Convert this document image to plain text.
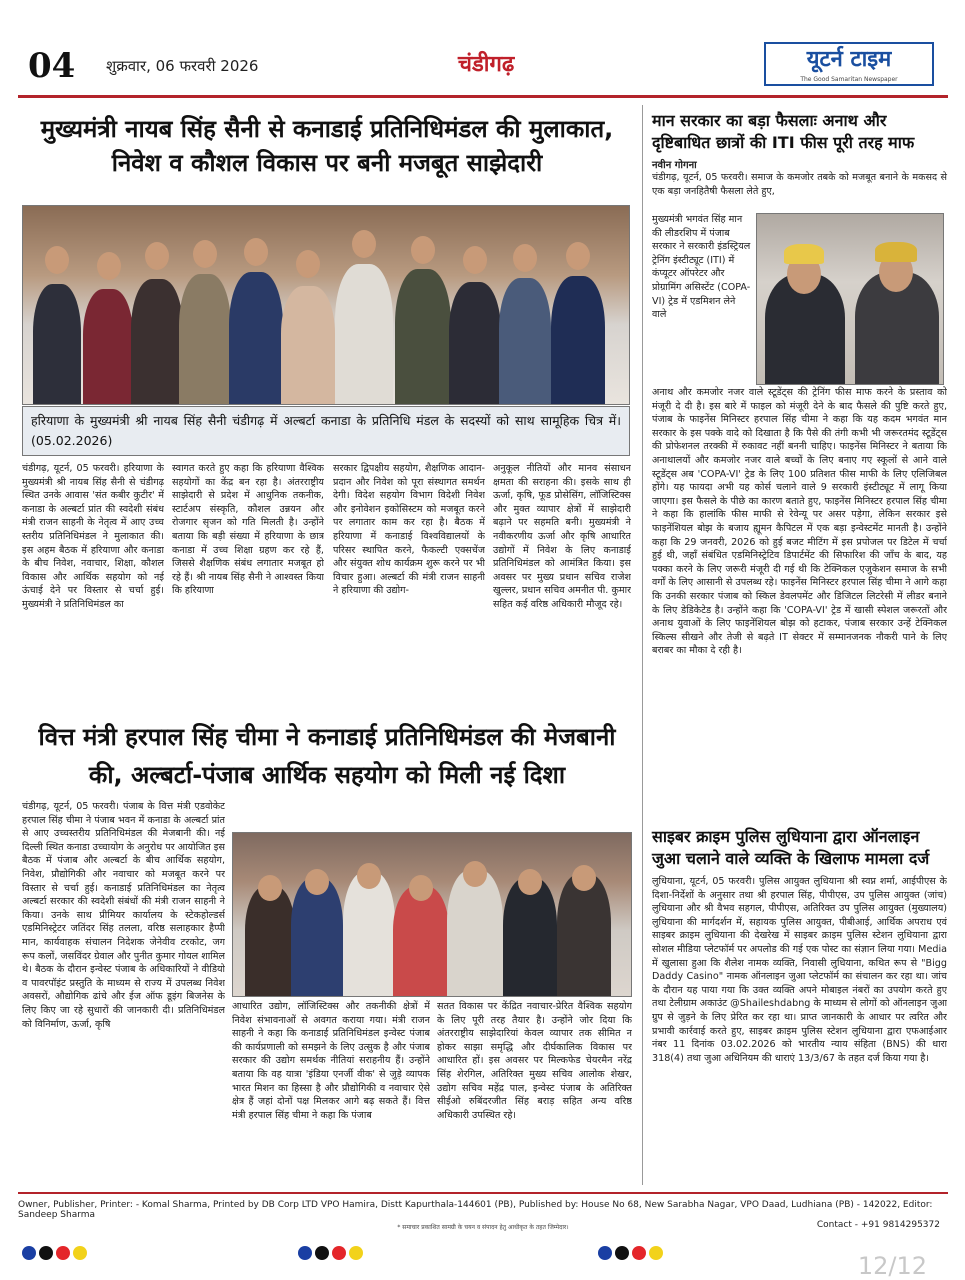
04 शुक्रवार, 06 फरवरी 2026	चंडीगढ़	यूटर्न टाइम
The Good Samaritan Newspaper
मुख्यमंत्री नायब सिंह सैनी से कनाडाई प्रतिनिधिमंडल की मुलाकात, निवेश व कौशल विकास पर बनी मजबूत साझेदारी
हरियाणा के मुख्यमंत्री श्री नायब सिंह सैनी चंडीगढ़ में अल्बर्टा कनाडा के प्रतिनिधि मंडल के सदस्यों को साथ सामूहिक चित्र में। (05.02.2026)
चंडीगढ़, यूटर्न, 05 फरवरी। हरियाणा के मुख्यमंत्री श्री नायब सिंह सैनी से चंडीगढ़ स्थित उनके आवास 'संत कबीर कुटीर' में कनाडा के अल्बर्टा प्रांत की स्वदेशी संबंध मंत्री राजन साहनी के नेतृत्व में आए उच्च स्तरीय प्रतिनिधिमंडल ने मुलाकात की। इस अहम बैठक में हरियाणा और कनाडा के बीच निवेश, नवाचार, शिक्षा, कौशल विकास और आर्थिक सहयोग को नई ऊंचाई देने पर विस्तार से चर्चा हुई। मुख्यमंत्री ने प्रतिनिधिमंडल का
स्वागत करते हुए कहा कि हरियाणा वैश्विक सहयोगों का केंद्र बन रहा है। अंतरराष्ट्रीय साझेदारी से प्रदेश में आधुनिक तकनीक, स्टार्टअप संस्कृति, कौशल उन्नयन और रोजगार सृजन को गति मिलती है। उन्होंने बताया कि बड़ी संख्या में हरियाणा के छात्र कनाडा में उच्च शिक्षा ग्रहण कर रहे हैं, जिससे शैक्षणिक संबंध लगातार मजबूत हो रहे हैं। श्री नायब सिंह सैनी ने आश्वस्त किया कि हरियाणा
सरकार द्विपक्षीय सहयोग, शैक्षणिक आदान-प्रदान और निवेश को पूरा संस्थागत समर्थन देगी। विदेश सहयोग विभाग विदेशी निवेश और इनोवेशन इकोसिस्टम को मजबूत करने पर लगातार काम कर रहा है। बैठक में हरियाणा में कनाडाई विश्वविद्यालयों के परिसर स्थापित करने, फैकल्टी एक्सचेंज और संयुक्त शोध कार्यक्रम शुरू करने पर भी विचार हुआ। अल्बर्टा की मंत्री राजन साहनी ने हरियाणा की उद्योग-
अनुकूल नीतियों और मानव संसाधन क्षमता की सराहना की। इसके साथ ही ऊर्जा, कृषि, फूड प्रोसेसिंग, लॉजिस्टिक्स और मुक्त व्यापार क्षेत्रों में साझेदारी बढ़ाने पर सहमति बनी। मुख्यमंत्री ने नवीकरणीय ऊर्जा और कृषि आधारित उद्योगों में निवेश के लिए कनाडाई प्रतिनिधिमंडल को आमंत्रित किया। इस अवसर पर मुख्य प्रधान सचिव राजेश खुल्लर, प्रधान सचिव अमनीत पी. कुमार सहित कई वरिष्ठ अधिकारी मौजूद रहे।
वित्त मंत्री हरपाल सिंह चीमा ने कनाडाई प्रतिनिधिमंडल की मेजबानी की, अल्बर्टा-पंजाब आर्थिक सहयोग को मिली नई दिशा
चंडीगढ़, यूटर्न, 05 फरवरी। पंजाब के वित्त मंत्री एडवोकेट हरपाल सिंह चीमा ने पंजाब भवन में कनाडा के अल्बर्टा प्रांत से आए उच्चस्तरीय प्रतिनिधिमंडल की मेजबानी की। नई दिल्ली स्थित कनाडा उच्चायोग के अनुरोध पर आयोजित इस बैठक में पंजाब और अल्बर्टा के बीच आर्थिक सहयोग, निवेश, प्रौद्योगिकी और नवाचार को मजबूत करने पर विस्तार से चर्चा हुई। कनाडाई प्रतिनिधिमंडल का नेतृत्व अल्बर्टा सरकार की स्वदेशी संबंधों की मंत्री राजन साहनी ने किया। उनके साथ प्रीमियर कार्यालय के स्टेकहोल्डर्स एडमिनिस्ट्रेटर जतिंदर सिंह तलला, वरिष्ठ सलाहकार हैप्पी मान, कार्यवाहक संचालन निदेशक जेनेवीव टरकोट, जग रूप कलों, जसविंदर ग्रेवाल और पुनीत कुमार गोयल शामिल थे। बैठक के दौरान इन्वेस्ट पंजाब के अधिकारियों ने वीडियो व पावरपॉइंट प्रस्तुति के माध्यम से राज्य में उपलब्ध निवेश अवसरों, औद्योगिक ढांचे और ईज ऑफ डूइंग बिजनेस के लिए किए जा रहे सुधारों की जानकारी दी। प्रतिनिधिमंडल को विनिर्माण, ऊर्जा, कृषि
आधारित उद्योग, लॉजिस्टिक्स और तकनीकी क्षेत्रों में निवेश संभावनाओं से अवगत कराया गया। मंत्री राजन साहनी ने कहा कि कनाडाई प्रतिनिधिमंडल इन्वेस्ट पंजाब की कार्यप्रणाली को समझने के लिए उत्सुक है और पंजाब सरकार की उद्योग समर्थक नीतियां सराहनीय हैं। उन्होंने बताया कि वह यात्रा 'इंडिया एनर्जी वीक' से जुड़े व्यापक भारत मिशन का हिस्सा है और प्रौद्योगिकी व नवाचार ऐसे क्षेत्र हैं जहां दोनों पक्ष मिलकर आगे बढ़ सकते हैं। वित्त मंत्री हरपाल सिंह चीमा ने कहा कि पंजाब
सतत विकास पर केंद्रित नवाचार-प्रेरित वैश्विक सहयोग के लिए पूरी तरह तैयार है। उन्होंने जोर दिया कि अंतरराष्ट्रीय साझेदारियां केवल व्यापार तक सीमित न होकर साझा समृद्धि और दीर्घकालिक विकास पर आधारित हों। इस अवसर पर मिल्कफेड चेयरमैन नरेंद्र सिंह शेरगिल, अतिरिक्त मुख्य सचिव आलोक शेखर, उद्योग सचिव महेंद्र पाल, इन्वेस्ट पंजाब के अतिरिक्त सीईओ रुबिंदरजीत सिंह बराड़ सहित अन्य वरिष्ठ अधिकारी उपस्थित रहे।
मान सरकार का बड़ा फैसलाः अनाथ और दृष्टिबाधित छात्रों की ITI फीस पूरी तरह माफ
नवीन गोगना
चंडीगढ़, यूटर्न, 05 फरवरी। समाज के कमजोर तबके को मजबूत बनाने के मकसद से एक बड़ा जनहितैषी फैसला लेते हुए,
मुख्यमंत्री भगवंत सिंह मान की लीडरशिप में पंजाब सरकार ने सरकारी इंडस्ट्रियल ट्रेनिंग इंस्टीट्यूट (ITI) में कंप्यूटर ऑपरेटर और प्रोग्रामिंग असिस्टेंट (COPA-VI) ट्रेड में एडमिशन लेने वाले
अनाथ और कमजोर नजर वाले स्टूडेंट्स की ट्रेनिंग फीस माफ करने के प्रस्ताव को मंजूरी दे दी है। इस बारे में फाइल को मंजूरी देने के बाद फैसले की पुष्टि करते हुए, पंजाब के फाइनेंस मिनिस्टर हरपाल सिंह चीमा ने कहा कि यह कदम भगवंत मान सरकार के इस पक्के वादे को दिखाता है कि पैसे की तंगी कभी भी जरूरतमंद स्टूडेंट्स की प्रोफेशनल तरक्की में रुकावट नहीं बननी चाहिए। फाइनेंस मिनिस्टर ने बताया कि अनाथालयों और कमजोर नजर वाले बच्चों के लिए बनाए गए स्कूलों से आने वाले स्टूडेंट्स अब 'COPA-VI' ट्रेड के लिए 100 प्रतिशत फीस माफी के लिए एलिजिबल होंगे। यह फायदा अभी यह कोर्स चलाने वाले 9 सरकारी इंस्टीट्यूट में लागू किया जाएगा। इस फैसले के पीछे का कारण बताते हुए, फाइनेंस मिनिस्टर हरपाल सिंह चीमा ने कहा कि हालांकि फीस माफी से रेवेन्यू पर असर पड़ेगा, लेकिन सरकार इसे फाइनेंशियल बोझ के बजाय ह्यूमन कैपिटल में एक बड़ा इन्वेस्टमेंट मानती है। उन्होंने कहा कि 29 जनवरी, 2026 को हुई बजट मीटिंग में इस प्रपोजल पर डिटेल में चर्चा हुई थी, जहाँ संबंधित एडमिनिस्ट्रेटिव डिपार्टमेंट की सिफारिश की जाँच के बाद, यह पक्का करने के लिए जरूरी मंजूरी दी गई थी कि टेक्निकल एजुकेशन समाज के सभी वर्गों के लिए आसानी से उपलब्ध रहे। फाइनेंस मिनिस्टर हरपाल सिंह चीमा ने आगे कहा कि उनकी सरकार पंजाब को स्किल डेवलपमेंट और डिजिटल लिटरेसी में लीडर बनाने के लिए डेडिकेटेड है। उन्होंने कहा कि 'COPA-VI' ट्रेड में खासी स्पेशल जरूरतों और अनाथ युवाओं के लिए फाइनेंशियल बोझ को हटाकर, पंजाब सरकार उन्हें टेक्निकल स्किल्स सीखने और तेजी से बढ़ते IT सेक्टर में सम्मानजनक नौकरी पाने के लिए बराबर का मौका दे रही है।
साइबर क्राइम पुलिस लुधियाना द्वारा ऑनलाइन जुआ चलाने वाले व्यक्ति के खिलाफ मामला दर्ज
लुधियाना, यूटर्न, 05 फरवरी। पुलिस आयुक्त लुधियाना श्री स्वप्न शर्मा, आईपीएस के दिशा-निर्देशों के अनुसार तथा श्री हरपाल सिंह, पीपीएस, उप पुलिस आयुक्त (जांच) लुधियाना और श्री वैभव सहगल, पीपीएस, अतिरिक्त उप पुलिस आयुक्त (मुख्यालय) लुधियाना की मार्गदर्शन में, सहायक पुलिस आयुक्त, पीबीआई, आर्थिक अपराध एवं साइबर क्राइम लुधियाना की देखरेख में साइबर क्राइम पुलिस स्टेशन लुधियाना द्वारा सोशल मीडिया प्लेटफॉर्म पर अपलोड की गई एक पोस्ट का संज्ञान लिया गया। Media में खुलासा हुआ कि शैलेश नामक व्यक्ति, निवासी लुधियाना, कथित रूप से "Bigg Daddy Casino" नामक ऑनलाइन जुआ प्लेटफॉर्म का संचालन कर रहा था। जांच के दौरान यह पाया गया कि उक्त व्यक्ति अपने मोबाइल नंबरों का उपयोग करते हुए तथा टेलीग्राम अकाउंट @Shaileshdabng के माध्यम से लोगों को ऑनलाइन जुआ ग्रुप से जुड़ने के लिए प्रेरित कर रहा था। प्राप्त जानकारी के आधार पर त्वरित और प्रभावी कार्रवाई करते हुए, साइबर क्राइम पुलिस स्टेशन लुधियाना द्वारा एफआईआर नंबर 11 दिनांक 03.02.2026 को भारतीय न्याय संहिता (BNS) की धारा 318(4) तथा जुआ अधिनियम की धाराएं 13/3/67 के तहत दर्ज किया गया है।
Owner, Publisher, Printer: - Komal Sharma, Printed by DB Corp LTD VPO Hamira, Distt Kapurthala-144601 (PB), Published by: House No 68, New Sarabha Nagar, VPO Daad, Ludhiana (PB) - 142022, Editor: Sandeep Sharma
* समाचार प्रकाशित सामग्री के चयन व संपादन हेतु आधीकृत के तहत जिम्मेदार।	Contact - +91 9814295372
12/12
